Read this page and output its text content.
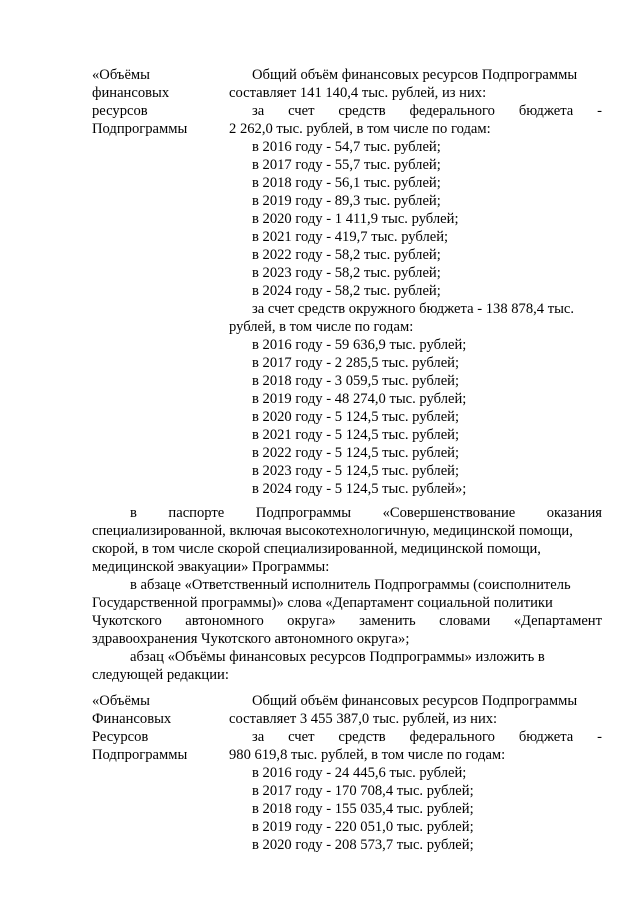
«Объёмы
финансовых
ресурсов
Подпрограммы
Общий объём финансовых ресурсов Подпрограммы
составляет 141 140,4 тыс. рублей, из них:
за счет средств федерального бюджета -
2 262,0 тыс. рублей, в том числе по годам:
в 2016 году - 54,7 тыс. рублей;
в 2017 году - 55,7 тыс. рублей;
в 2018 году - 56,1 тыс. рублей;
в 2019 году - 89,3 тыс. рублей;
в 2020 году - 1 411,9 тыс. рублей;
в 2021 году - 419,7 тыс. рублей;
в 2022 году - 58,2 тыс. рублей;
в 2023 году - 58,2 тыс. рублей;
в 2024 году - 58,2 тыс. рублей;
за счет средств окружного бюджета - 138 878,4 тыс.
рублей, в том числе по годам:
в 2016 году - 59 636,9 тыс. рублей;
в 2017 году - 2 285,5 тыс. рублей;
в 2018 году - 3 059,5 тыс. рублей;
в 2019 году - 48 274,0 тыс. рублей;
в 2020 году - 5 124,5 тыс. рублей;
в 2021 году - 5 124,5 тыс. рублей;
в 2022 году - 5 124,5 тыс. рублей;
в 2023 году - 5 124,5 тыс. рублей;
в 2024 году - 5 124,5 тыс. рублей»;
в паспорте Подпрограммы «Совершенствование оказания
специализированной, включая высокотехнологичную, медицинской помощи,
скорой, в том числе скорой специализированной, медицинской помощи,
медицинской эвакуации» Программы:
в абзаце «Ответственный исполнитель Подпрограммы (соисполнитель
Государственной программы)» слова «Департамент социальной политики
Чукотского автономного округа» заменить словами «Департамент
здравоохранения Чукотского автономного округа»;
абзац «Объёмы финансовых ресурсов Подпрограммы» изложить в
следующей редакции:
«Объёмы
Финансовых
Ресурсов
Подпрограммы
Общий объём финансовых ресурсов Подпрограммы
составляет 3 455 387,0 тыс. рублей, из них:
за счет средств федерального бюджета -
980 619,8 тыс. рублей, в том числе по годам:
в 2016 году - 24 445,6 тыс. рублей;
в 2017 году - 170 708,4 тыс. рублей;
в 2018 году - 155 035,4 тыс. рублей;
в 2019 году - 220 051,0 тыс. рублей;
в 2020 году - 208 573,7 тыс. рублей;
